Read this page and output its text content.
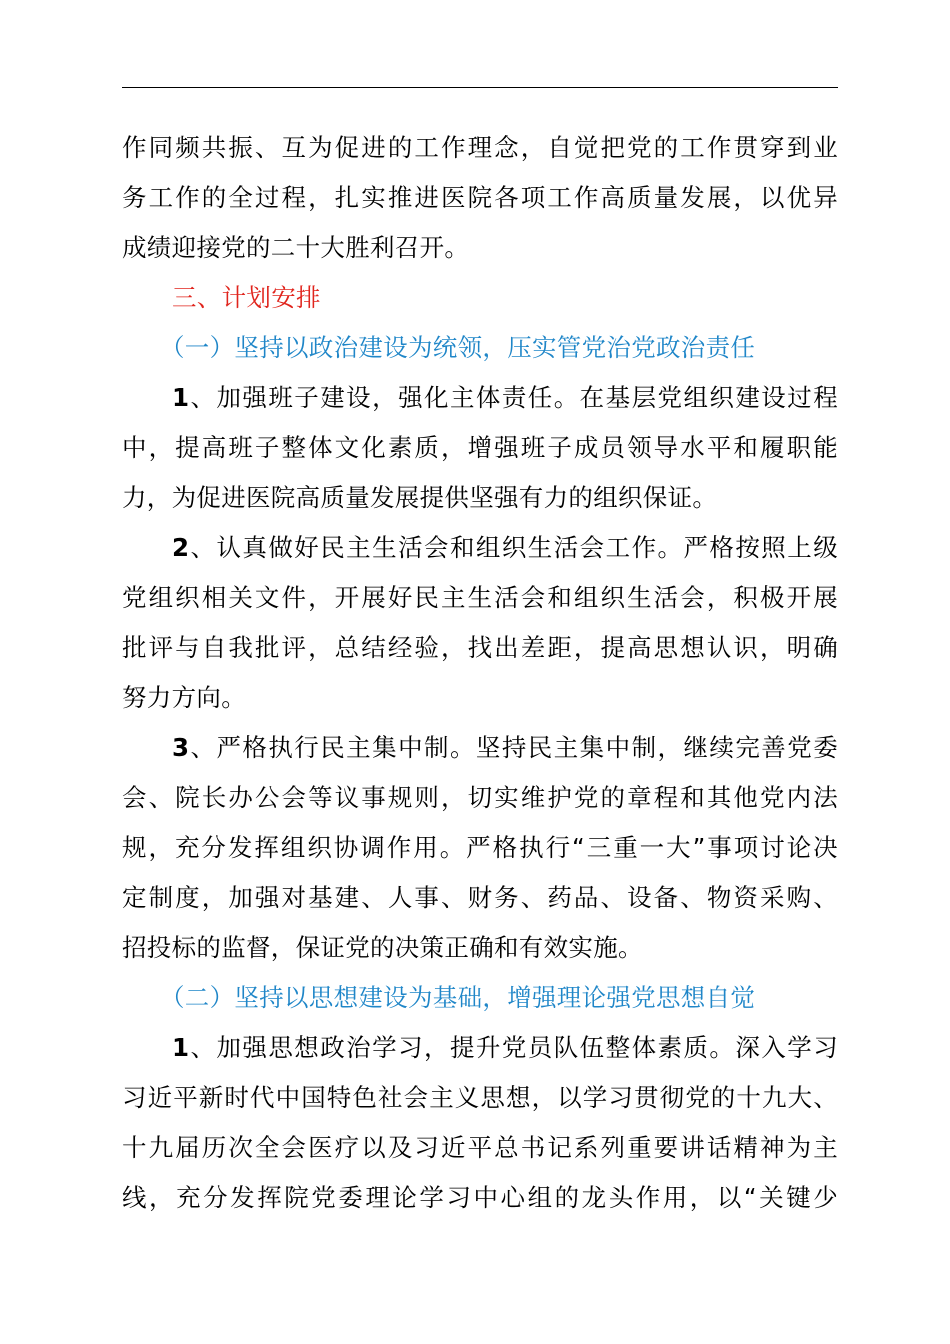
作同频共振、互为促进的工作理念，自觉把党的工作贯穿到业
务工作的全过程，扎实推进医院各项工作高质量发展，以优异
成绩迎接党的二十大胜利召开。
三、计划安排
（一）坚持以政治建设为统领，压实管党治党政治责任
1、加强班子建设，强化主体责任。在基层党组织建设过程
中，提高班子整体文化素质，增强班子成员领导水平和履职能
力，为促进医院高质量发展提供坚强有力的组织保证。
2、认真做好民主生活会和组织生活会工作。严格按照上级
党组织相关文件，开展好民主生活会和组织生活会，积极开展
批评与自我批评，总结经验，找出差距，提高思想认识，明确
努力方向。
3、严格执行民主集中制。坚持民主集中制，继续完善党委
会、院长办公会等议事规则，切实维护党的章程和其他党内法
规，充分发挥组织协调作用。严格执行“三重一大”事项讨论决
定制度，加强对基建、人事、财务、药品、设备、物资采购、
招投标的监督，保证党的决策正确和有效实施。
（二）坚持以思想建设为基础，增强理论强党思想自觉
1、加强思想政治学习，提升党员队伍整体素质。深入学习
习近平新时代中国特色社会主义思想，以学习贯彻党的十九大、
十九届历次全会医疗以及习近平总书记系列重要讲话精神为主
线，充分发挥院党委理论学习中心组的龙头作用，以“关键少
